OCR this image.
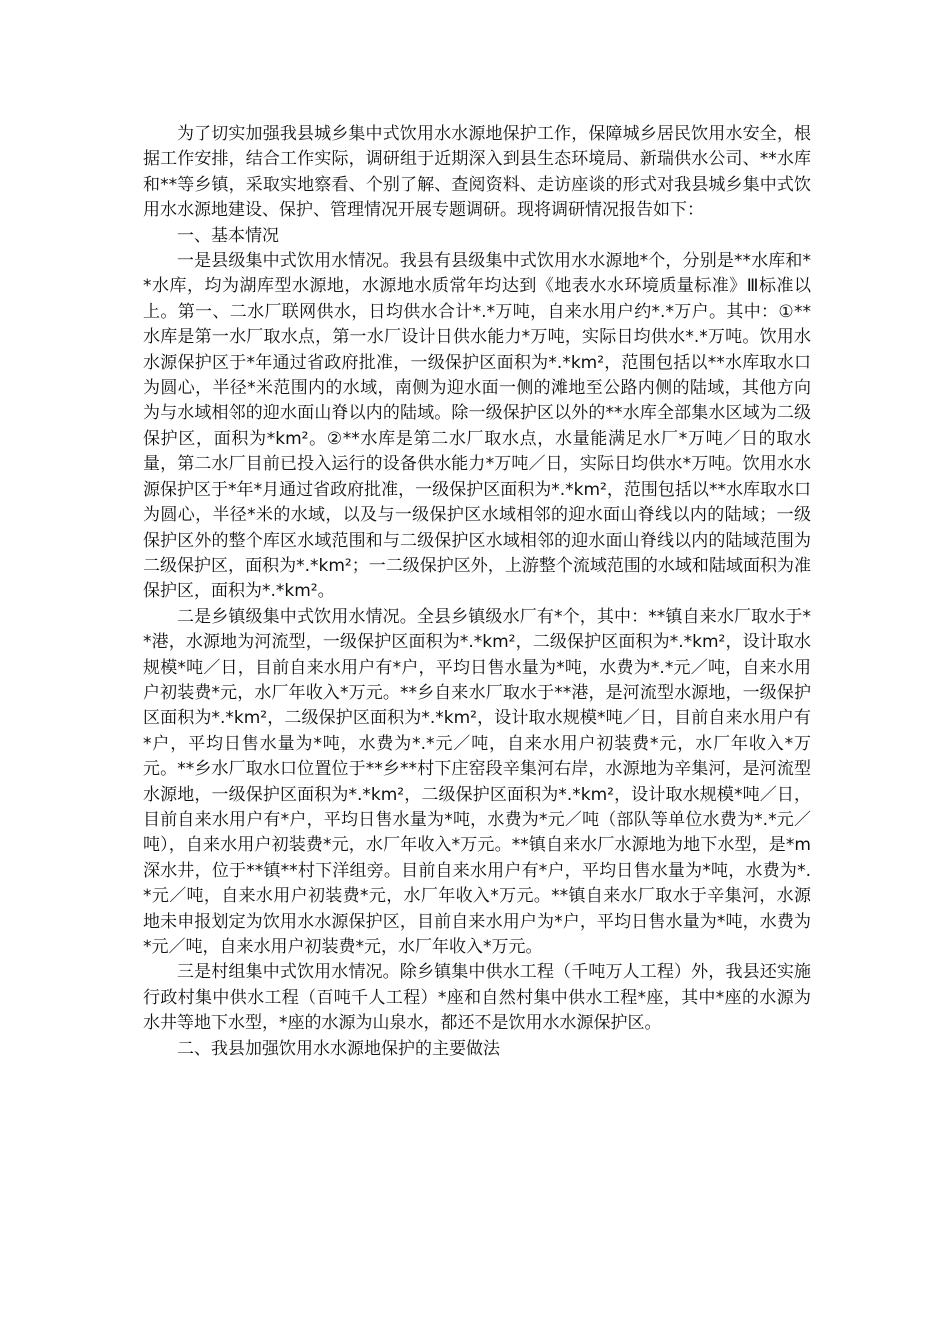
为了切实加强我县城乡集中式饮用水水源地保护工作，保障城乡居民饮用水安全，根据工作安排，结合工作实际，调研组于近期深入到县生态环境局、新瑞供水公司、**水库和**等乡镇，采取实地察看、个别了解、查阅资料、走访座谈的形式对我县城乡集中式饮用水水源地建设、保护、管理情况开展专题调研。现将调研情况报告如下：

一、基本情况

一是县级集中式饮用水情况。我县有县级集中式饮用水水源地*个，分别是**水库和**水库，均为湖库型水源地，水源地水质常年均达到《地表水水环境质量标准》Ⅲ标准以上。第一、二水厂联网供水，日均供水合计*.*万吨，自来水用户约*.*万户。其中：①**水库是第一水厂取水点，第一水厂设计日供水能力*万吨，实际日均供水*.*万吨。饮用水水源保护区于*年通过省政府批准，一级保护区面积为*.*km²，范围包括以**水库取水口为圆心，半径*米范围内的水域，南侧为迎水面一侧的滩地至公路内侧的陆域，其他方向为与水域相邻的迎水面山脊以内的陆域。除一级保护区以外的**水库全部集水区域为二级保护区，面积为*km²。②**水库是第二水厂取水点，水量能满足水厂*万吨／日的取水量，第二水厂目前已投入运行的设备供水能力*万吨／日，实际日均供水*万吨。饮用水水源保护区于*年*月通过省政府批准，一级保护区面积为*.*km²，范围包括以**水库取水口为圆心，半径*米的水域，以及与一级保护区水域相邻的迎水面山脊线以内的陆域；一级保护区外的整个库区水域范围和与二级保护区水域相邻的迎水面山脊线以内的陆域范围为二级保护区，面积为*.*km²；一二级保护区外，上游整个流域范围的水域和陆域面积为准保护区，面积为*.*km²。

二是乡镇级集中式饮用水情况。全县乡镇级水厂有*个，其中：**镇自来水厂取水于**港，水源地为河流型，一级保护区面积为*.*km²，二级保护区面积为*.*km²，设计取水规模*吨／日，目前自来水用户有*户，平均日售水量为*吨，水费为*.*元／吨，自来水用户初装费*元，水厂年收入*万元。**乡自来水厂取水于**港，是河流型水源地，一级保护区面积为*.*km²，二级保护区面积为*.*km²，设计取水规模*吨／日，目前自来水用户有*户，平均日售水量为*吨，水费为*.*元／吨，自来水用户初装费*元，水厂年收入*万元。**乡水厂取水口位置位于**乡**村下庄窑段辛集河右岸，水源地为辛集河，是河流型水源地，一级保护区面积为*.*km²，二级保护区面积为*.*km²，设计取水规模*吨／日，目前自来水用户有*户，平均日售水量为*吨，水费为*元／吨（部队等单位水费为*.*元／吨），自来水用户初装费*元，水厂年收入*万元。**镇自来水厂水源地为地下水型，是*m 深水井，位于**镇**村下洋组旁。目前自来水用户有*户，平均日售水量为*吨，水费为*.*元／吨，自来水用户初装费*元，水厂年收入*万元。**镇自来水厂取水于辛集河，水源地未申报划定为饮用水水源保护区，目前自来水用户为*户，平均日售水量为*吨，水费为*元／吨，自来水用户初装费*元，水厂年收入*万元。

三是村组集中式饮用水情况。除乡镇集中供水工程（千吨万人工程）外，我县还实施行政村集中供水工程（百吨千人工程）*座和自然村集中供水工程*座，其中*座的水源为水井等地下水型，*座的水源为山泉水，都还不是饮用水水源保护区。

二、我县加强饮用水水源地保护的主要做法
